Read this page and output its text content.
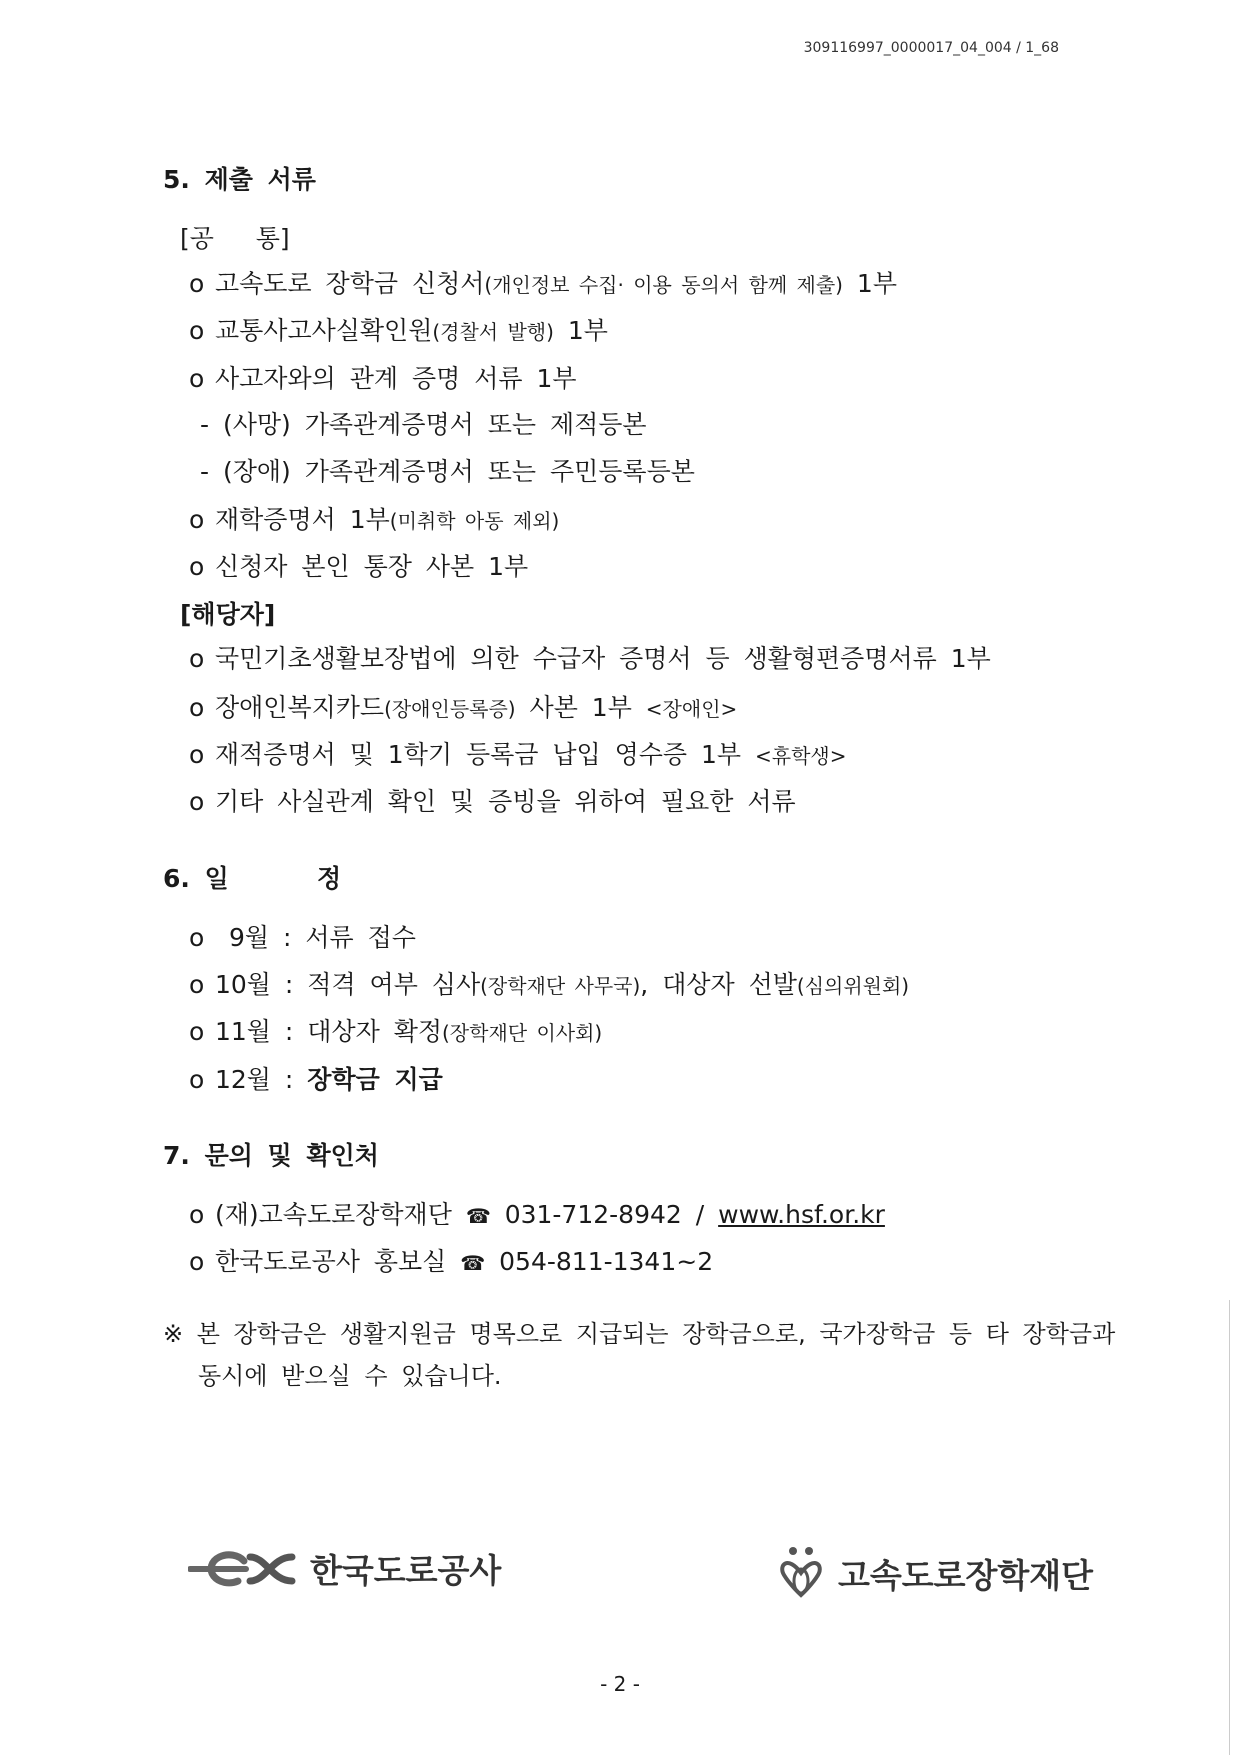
309116997_0000017_04_004 / 1_68
5. 제출 서류
[공   통]
o 고속도로 장학금 신청서(개인정보 수집· 이용 동의서 함께 제출) 1부
o 교통사고사실확인원(경찰서 발행) 1부
o 사고자와의 관계 증명 서류 1부
- (사망) 가족관계증명서 또는 제적등본
- (장애) 가족관계증명서 또는 주민등록등본
o 재학증명서 1부(미취학 아동 제외)
o 신청자 본인 통장 사본 1부
[해당자]
o 국민기초생활보장법에 의한 수급자 증명서 등 생활형편증명서류 1부
o 장애인복지카드(장애인등록증) 사본 1부 <장애인>
o 재적증명서 및 1학기 등록금 납입 영수증 1부 <휴학생>
o 기타 사실관계 확인 및 증빙을 위하여 필요한 서류
6. 일      정
o 9월 : 서류 접수
o 10월 : 적격 여부 심사(장학재단 사무국), 대상자 선발(심의위원회)
o 11월 : 대상자 확정(장학재단 이사회)
o 12월 : 장학금 지급
7. 문의 및 확인처
o (재)고속도로장학재단 ☎ 031-712-8942 / www.hsf.or.kr
o 한국도로공사 홍보실 ☎ 054-811-1341~2
※ 본 장학금은 생활지원금 명목으로 지급되는 장학금으로, 국가장학금 등 타 장학금과
동시에 받으실 수 있습니다.
한국도로공사	고속도로장학재단
- 2 -
